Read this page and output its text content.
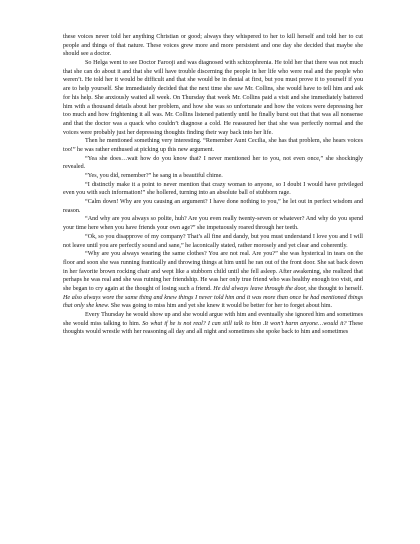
these voices never told her anything Christian or good; always they whispered to her to kill herself and told her to cut people and things of that nature. These voices grew more and more persistent and one day she decided that maybe she should see a doctor.

So Helga went to see Doctor Farooji and was diagnosed with schizophrenia. He told her that there was not much that she can do about it and that she will have trouble discerning the people in her life who were real and the people who weren’t. He told her it would be difficult and that she would be in denial at first, but you must prove it to yourself if you are to help yourself. She immediately decided that the next time she saw Mr. Collins, she would have to tell him and ask for his help. She anxiously waited all week. On Thursday that week Mr. Collins paid a visit and she immediately battered him with a thousand details about her problem, and how she was so unfortunate and how the voices were depressing her too much and how frightening it all was. Mr. Collins listened patiently until he finally burst out that that was all nonsense and that the doctor was a quack who couldn’t diagnose a cold. He reassured her that she was perfectly normal and the voices were probably just her depressing thoughts finding their way back into her life.

Then he mentioned something very interesting. “Remember Aunt Cecilia, she has that problem, she hears voices too!” he was rather enthused at picking up this new argument.

“Yea she does…wait how do you know that? I never mentioned her to you, not even once,” she shockingly revealed.

“Yes, you did, remember?” he sang in a beautiful chime.

“I distinctly make it a point to never mention that crazy woman to anyone, so I doubt I would have privileged even you with such information!” she hollered, turning into an absolute ball of stubborn rage.

“Calm down! Why are you causing an argument? I have done nothing to you,” he let out in perfect wisdom and reason.

“And why are you always so polite, huh? Are you even really twenty-seven or whatever? And why do you spend your time here when you have friends your own age?” she impetuously roared through her teeth.

“Ok, so you disapprove of my company? That’s all fine and dandy, but you must understand I love you and I will not leave until you are perfectly sound and sane,” he laconically stated, rather morosely and yet clear and coherently.

“Why are you always wearing the same clothes? You are not real. Are you?” she was hysterical in tears on the floor and soon she was running frantically and throwing things at him until he ran out of the front door. She sat back down in her favorite brown rocking chair and wept like a stubborn child until she fell asleep. After awakening, she realized that perhaps he was real and she was ruining her friendship. He was her only true friend who was healthy enough too visit, and she began to cry again at the thought of losing such a friend. He did always leave through the door, she thought to herself. He also always wore the same thing and knew things I never told him and it was more than once he had mentioned things that only she knew. She was going to miss him and yet she knew it would be better for her to forget about him.

Every Thursday he would show up and she would argue with him and eventually she ignored him and sometimes she would miss talking to him. So what if he is not real? I can still talk to him .It won’t harm anyone…would it? These thoughts would wrestle with her reasoning all day and all night and sometimes she spoke back to him and sometimes
